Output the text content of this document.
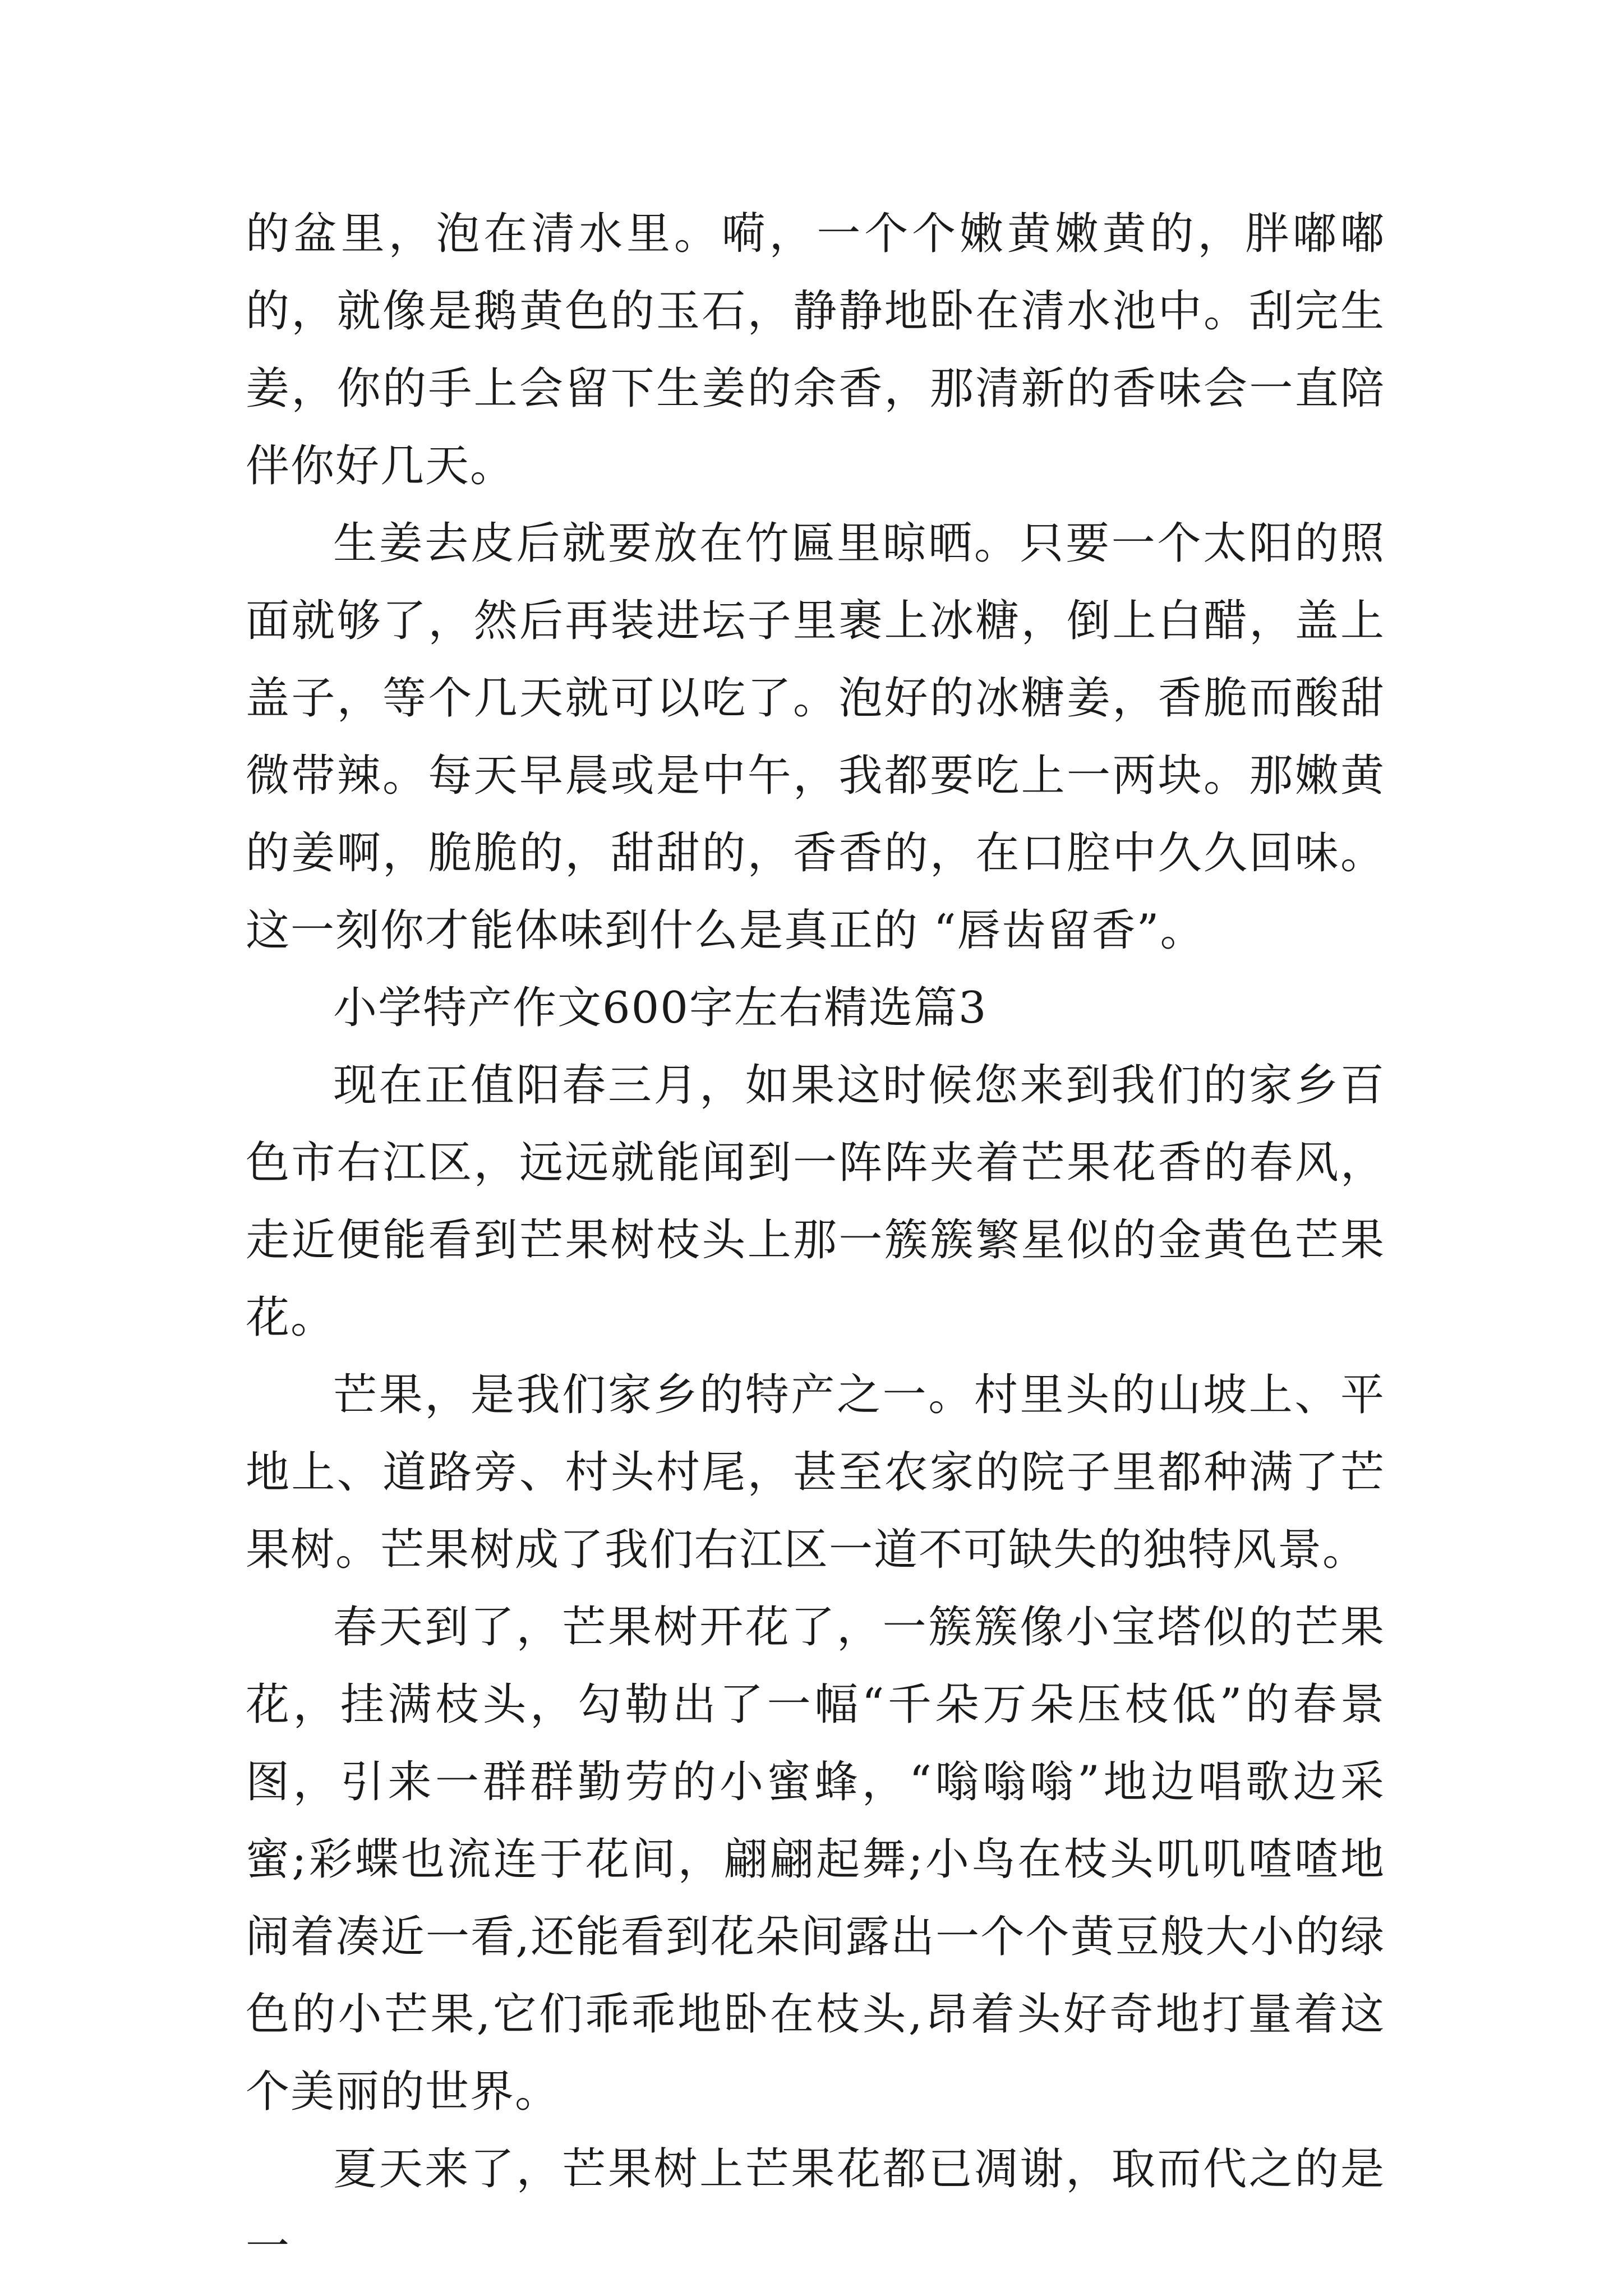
的盆里，泡在清水里。嗬，一个个嫩黄嫩黄的，胖嘟嘟的，就像是鹅黄色的玉石，静静地卧在清水池中。刮完生姜，你的手上会留下生姜的余香，那清新的香味会一直陪伴你好几天。

生姜去皮后就要放在竹匾里晾晒。只要一个太阳的照面就够了，然后再装进坛子里裹上冰糖，倒上白醋，盖上盖子，等个几天就可以吃了。泡好的冰糖姜，香脆而酸甜微带辣。每天早晨或是中午，我都要吃上一两块。那嫩黄的姜啊，脆脆的，甜甜的，香香的，在口腔中久久回味。这一刻你才能体味到什么是真正的 “唇齿留香”。

小学特产作文600字左右精选篇3

现在正值阳春三月，如果这时候您来到我们的家乡百色市右江区，远远就能闻到一阵阵夹着芒果花香的春风，走近便能看到芒果树枝头上那一簇簇繁星似的金黄色芒果花。

芒果，是我们家乡的特产之一。村里头的山坡上、平地上、道路旁、村头村尾，甚至农家的院子里都种满了芒果树。芒果树成了我们右江区一道不可缺失的独特风景。

春天到了，芒果树开花了，一簇簇像小宝塔似的芒果花，挂满枝头，勾勒出了一幅“千朵万朵压枝低”的春景图，引来一群群勤劳的小蜜蜂，“嗡嗡嗡”地边唱歌边采蜜;彩蝶也流连于花间，翩翩起舞;小鸟在枝头叽叽喳喳地闹着凑近一看,还能看到花朵间露出一个个黄豆般大小的绿色的小芒果,它们乖乖地卧在枝头,昂着头好奇地打量着这个美丽的世界。

夏天来了，芒果树上芒果花都已凋谢，取而代之的是一
